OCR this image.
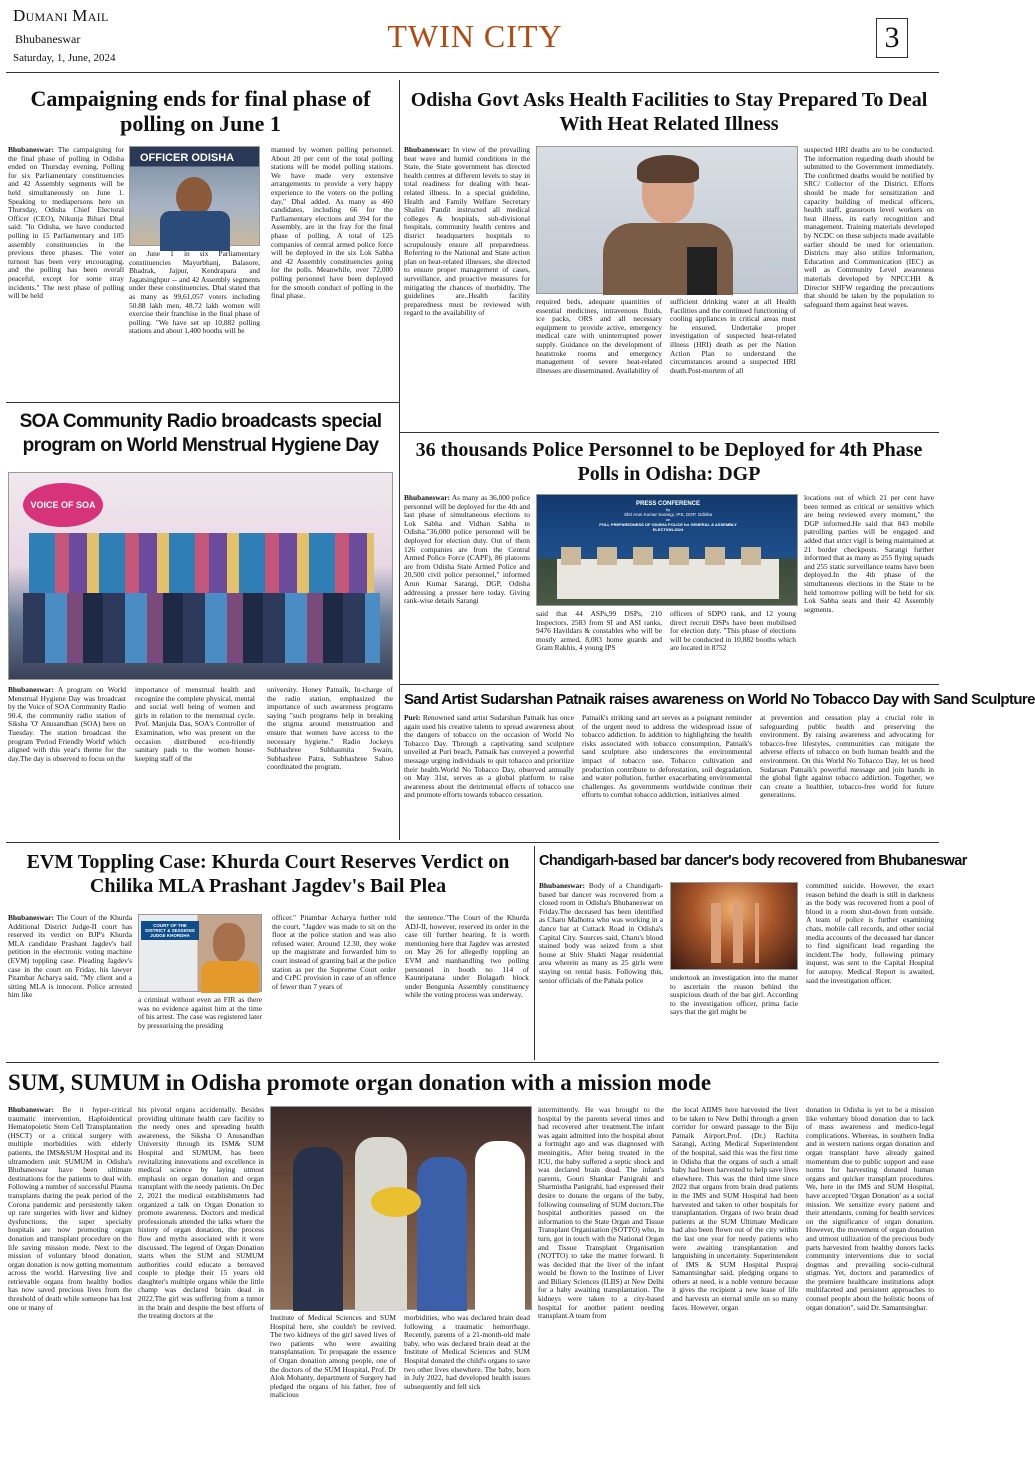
Dumani Mail
Bhubaneswar
Saturday, 1, June, 2024
TWIN CITY	3
Campaigning ends for final phase of polling on June 1
Bhubaneswar: The campaigning for the final phase of polling in Odisha ended on Thursday evening. Polling for six Parliamentary constituencies and 42 Assembly segments will be held simultaneously on June 1. Speaking to mediapersons here on Thursday, Odisha Chief Electoral Officer (CEO), Nikunja Bihari Dhal said: "In Odisha, we have conducted polling in 15 Parliamentary and 105 assembly constituencies in the previous three phases. The voter turnout has been very encouraging, and the polling has been overall peaceful, except for some stray incidents." The next phase of polling will be held
OFFICER ODISHA
on June 1 in six Parliamentary constituencies Mayurbhanj, Balasore, Bhadrak, Jajpur, Kendrapara and Jagatsinghpur -- and 42 Assembly segments under these constituencies. Dhal stated that as many as 99,61,057 voters including 50.88 lakh men, 48.72 lakh women will exercise their franchise in the final phase of polling. "We have set up 10,882 polling stations and about 1,400 booths will be
manned by women polling personnel. About 20 per cent of the total polling stations will be model polling stations. We have made very extensive arrangements to provide a very happy experience to the voters on the polling day," Dhal added. As many as 460 candidates, including 66 for the Parliamentary elections and 394 for the Assembly, are in the fray for the final phase of polling. A total of 125 companies of central armed police force will be deployed in the six Lok Sabha and 42 Assembly constituencies going for the polls. Meanwhile, over 72,000 polling personnel have been deployed for the smooth conduct of polling in the final phase.
Odisha Govt Asks Health Facilities to Stay Prepared To Deal With Heat Related Illness
Bhubaneswar: In view of the prevailing heat wave and humid conditions in the State, the State government has directed health centres at different levels to stay in total readiness for dealing with heat-related illness. In a special guideline, Health and Family Welfare Secretary Shalini Pandit instructed all medical colleges & hospitals, sub-divisional hospitals, community health centres and district headquarters hospitals to scrupulously ensure all preparedness. Referring to the National and State action plan on heat-related illnesses, she directed to ensure proper management of cases, surveillance, and proactive measures for mitigating the chances of morbidity. The guidelines are..Health facility preparedness must be reviewed with regard to the availability of
required beds, adequate quantities of essential medicines, intravenous fluids, ice packs, ORS and all necessary equipment to provide active, emergency medical care with uninterrupted power supply. Guidance on the development of heatstroke rooms and emergency management of severe heat-related illnesses are disseminated. Availability of
sufficient drinking water at all Health Facilities and the continued functioning of cooling appliances in critical areas must be ensured. Undertake proper investigation of suspected heat-related illness (HRI) death as per the Nation Action Plan to understand the circumstances around a suspected HRI death.Post-mortem of all
suspected HRI deaths are to be conducted. The information regarding death should be submitted to the Government immediately. The confirmed deaths would be notified by SRC/ Collector of the District. Efforts should be made for sensitization and capacity building of medical officers, health staff, grassroots level workers on heat illness, its early recognition and management. Training materials developed by NCDC on these subjects made available earlier should be used for orientation. Districts may also utilize Information, Education and Communication (IEC) as well as Community Level awareness materials developed by NPCCHH & Director SHFW regarding the precautions that should be taken by the population to safeguard them against heat waves.
SOA Community Radio broadcasts special program on World Menstrual Hygiene Day
VOICE OF SOA
Bhubaneswar: A program on World Menstrual Hygiene Day was broadcast by the Voice of SOA Community Radio 90.4, the community radio station of Siksha 'O' Anusandhan (SOA) here on Tuesday. The station broadcast the program 'Period Friendly World' which aligned with this year's theme for the day.The day is observed to focus on the
importance of menstrual health and recognize the complete physical, mental and social well being of women and girls in relation to the menstrual cycle. Prof. Manjula Das, SOA's Controller of Examination, who was present on the occasion distributed eco-friendly sanitary pads to the women house-keeping staff of the
university. Honey Patnaik, In-charge of the radio station, emphasized the importance of such awareness programs saying "such programs help in breaking the stigma around menstruation and ensure that women have access to the necessary hygiene." Radio Jockeys Subhashree Subhasmita Swain, Subhashree Patra, Subhashree Sahoo coordinated the program.
36 thousands Police Personnel to be Deployed for 4th Phase Polls in Odisha: DGP
Bhubaneswar: As many as 36,000 police personnel will be deployed for the 4th and last phase of simultaneous elections to Lok Sabha and Vidhan Sabha in Odisha."36,000 police personnel will be deployed for election duty. Out of them 126 companies are from the Central Armed Police Force (CAPF), 86 platoons are from Odisha State Armed Police and 20,500 civil police personnel," informed Arun Kumar Sarangi, DGP, Odisha addressing a presser here today. Giving rank-wise details Sarangi
PRESS CONFERENCE
by
Shri Arun Kumar Sarangi, IPS, DGP, Odisha
on
POLL PREPAREDNESS OF ODISHA POLICE for GENERAL & ASSEMBLY ELECTION-2024
said that 44 ASPs,99 DSPs, 210 Inspectors, 2583 from SI and ASI ranks, 9476 Havildars & constables who will be mostly armed, 8,083 home guards and Gram Rakhis, 4 young IPS
officers of SDPO rank, and 12 young direct recruit DSPs have been mobilised for election duty. "This phase of elections will be conducted in 10,882 booths which are located in 8752
locations out of which 21 per cent have been termed as critical or sensitive which are being reviewed every moment," the DGP informed.He said that 843 mobile patrolling parties will be engaged and added that strict vigil is being maintained at 21 border checkposts. Sarangi further informed that as many as 255 flying squads and 255 static surveillance teams have been deployed.In the 4th phase of the simultaneous elections in the State to be held tomorrow polling will be held for six Lok Sabha seats and their 42 Assembly segments.
Sand Artist Sudarshan Patnaik raises awareness on World No Tobacco Day with Sand Sculpture
Puri: Renowned sand artist Sudarshan Patnaik has once again used his creative talents to spread awareness about the dangers of tobacco on the occasion of World No Tobacco Day. Through a captivating sand sculpture unveiled at Puri beach, Patnaik has conveyed a powerful message urging individuals to quit tobacco and prioritize their health.World No Tobacco Day, observed annually on May 31st, serves as a global platform to raise awareness about the detrimental effects of tobacco use and promote efforts towards tobacco cessation.
Patnaik's striking sand art serves as a poignant reminder of the urgent need to address the widespread issue of tobacco addiction. In addition to highlighting the health risks associated with tobacco consumption, Patnaik's sand sculpture also underscores the environmental impact of tobacco use. Tobacco cultivation and production contribute to deforestation, soil degradation, and water pollution, further exacerbating environmental challenges. As governments worldwide continue their efforts to combat tobacco addiction, initiatives aimed
at prevention and cessation play a crucial role in safeguarding public health and preserving the environment. By raising awareness and advocating for tobacco-free lifestyles, communities can mitigate the adverse effects of tobacco on both human health and the environment. On this World No Tobacco Day, let us heed Sudarsan Patnaik's powerful message and join hands in the global fight against tobacco addiction. Together, we can create a healthier, tobacco-free world for future generations.
EVM Toppling Case: Khurda Court Reserves Verdict on Chilika MLA Prashant Jagdev's Bail Plea
Bhubaneswar: The Court of the Khurda Additional District Judge-II court has reserved its verdict on BJP's Khurda MLA candidate Prashant Jagdev's bail petition in the electronic voting machine (EVM) toppling case. Pleading Jagdev's case in the court on Friday, his lawyer Pitambar Acharya said, "My client and a sitting MLA is innocent. Police arrested him like
COURT OF THE DISTRICT & SESSIONS JUDGE KHORDHA
a criminal without even an FIR as there was no evidence against him at the time of his arrest. The case was registered later by pressurising the presiding
officer." Pitambar Acharya further told the court, "Jagdev was made to sit on the floor at the police station and was also refused water. Around 12.30, they woke up the magistrate and forwarded him to court instead of granting bail at the police station as per the Supreme Court order and CrPC provision in case of an offence of fewer than 7 years of
the sentence."The Court of the Khurda ADJ-II, however, reserved its order in the case till further hearing. It is worth mentioning here that Jagdev was arrested on May 26 for allegedly toppling an EVM and manhandling two polling personnel in booth no 114 of Kaunripatana under Bolagarh block under Bengunia Assembly constituency while the voting process was underway.
Chandigarh-based bar dancer's body recovered from Bhubaneswar
Bhubaneswar: Body of a Chandigarh-based bar dancer was recovered from a closed room in Odisha's Bhubaneswar on Friday.The deceased has been identified as Charu Malhotra who was working in a dance bar at Cuttack Road in Odisha's Capital City. Sources said, Charu's blood stained body was seized from a shut house at Shiv Shakti Nagar residential area wherein as many as 25 girls were staying on rental basis. Following this, senior officials of the Pahala police	undertook an investigation into the matter to ascertain the reason behind the suspicious death of the bar girl. According to the investigation officer, prima facie says that the girl might be
committed suicide. However, the exact reason behind the death is still in darkness as the body was recovered from a pool of blood in a room shut-down from outside. A team of police is further examining chats, mobile call records, and other social media accounts of the deceased bar dancer to find significant lead regarding the incident.The body, following primary inquest, was sent to the Capital Hospital for autopsy. Medical Report is awaited, said the investigation officer.
SUM, SUMUM in Odisha promote organ donation with a mission mode
Bhubaneswar: Be it hyper-critical traumatic intervention, Haploidentical Hematopoietic Stem Cell Transplantation (HSCT) or a critical surgery with multiple morbidities with elderly patients, the IMS&SUM Hospital and its ultramodern unit SUMUM in Odisha's Bhubaneswar have been ultimate destinations for the patients to deal with. Following a number of successful Plasma transplants during the peak period of the Corona pandemic and persistently taken up rare surgeries with liver and kidney dysfunctions, the super specialty hospitals are now promoting organ donation and transplant procedure on the life saving mission mode. Next to the mission of voluntary blood donation, organ donation is now getting momentum across the world. Harvesting live and retrievable organs from healthy bodies has now saved precious lives from the threshold of death while someone has lost one or many of
his pivotal organs accidentally. Besides providing ultimate health care facility to the needy ones and spreading health awareness, the Siksha O Anusandhan University through its ISM& SUM Hospital and SUMUM, has been revitalizing innovations and excellence in medical science by laying utmost emphasis on organ donation and organ transplant with the needy patients. On Dec 2, 2021 the medical establishments had organized a talk on Organ Donation to promote awareness. Doctors and medical professionals attended the talks where the history of organ donation, the process flow and myths associated with it were discussed. The legend of Organ Donation starts when the SUM and SUMUM authorities could educate a bereaved couple to pledge their 15 years old daughter's multiple organs while the little champ was declared brain dead in 2022.The girl was suffering from a tumor in the brain and despite the best efforts of the treating doctors at the	Institute of Medical Sciences and SUM Hospital here, she couldn't be revived. The two kidneys of the girl saved lives of two patients who were awaiting transplantation. To propagate the essence of Organ donation among people, one of the doctors of the SUM Hospital, Prof. Dr Alok Mohanty, department of Surgery had pledged the organs of his father, free of malicious
morbidities, who was declared brain dead following a traumatic hemorrhage. Recently, parents of a 21-month-old male baby, who was declared brain dead at the Institute of Medical Sciences and SUM Hospital donated the child's organs to save two other lives elsewhere. The baby, born in July 2022, had developed health issues subsequently and fell sick
intermittently. He was brought to the hospital by the parents several times and had recovered after treatment.The infant was again admitted into the hospital about a fortnight ago and was diagnosed with meningitis,. After being treated in the ICU, the baby suffered a septic shock and was declared brain dead. The infant's parents, Gouri Shankar Panigrahi and Sharmistha Panigrahi, had expressed their desire to donate the organs of the baby, following counseling of SUM doctors.The hospital authorities passed on the information to the State Organ and Tissue Transplant Organisation (SOTTO) who, in turn, got in touch with the National Organ and Tissue Transplant Organisation (NOTTO) to take the matter forward. It was decided that the liver of the infant would be flown to the Institute of Liver and Biliary Sciences (ILBS) at New Delhi for a baby awaiting transplantation. The kidneys were taken to a city-based hospital for another patient needing transplant.A team from
the local AIIMS here harvested the liver to be taken to New Delhi through a green corridor for onward passage to the Biju Patnaik Airport.Prof. (Dr.) Rachita Sarangi, Acting Medical Superintendent of the hospital, said this was the first time in Odisha that the organs of such a small baby had been harvested to help save lives elsewhere. This was the third time since 2022 that organs from brain dead patients in the IMS and SUM Hospital had been harvested and taken to other hospitals for transplantation. Organs of two brain dead patients at the SUM Ultimate Medicare had also been flown out of the city within the last one year for needy patients who were awaiting transplantation and languishing in uncertainty. Superintendent of IMS & SUM Hospital Puspraj Samantsinghar said, pledging organs to others at need, is a noble venture because it gives the recipient a new lease of life and harvests an eternal smile on so many faces. However, organ
donation in Odisha is yet to be a mission like voluntary blood donation due to lack of mass awareness and medico-legal complications. Whereas, in southern India and in western nations organ donation and organ transplant have already gained momentum due to public support and ease norms for harvesting donated human organs and quicker transplant procedures. We, here in the IMS and SUM Hospital, have accepted 'Organ Donation' as a social mission. We sensitize every patient and their attendants, coming for health services on the significance of organ donation. However, the movement of organ donation and utmost utilization of the precious body parts harvested from healthy donors lacks community interventions due to social dogmas and prevailing socio-cultural stigmas. Yet, doctors and paramedics of the premiere healthcare institutions adopt multifaceted and persistent approaches to counsel people about the holistic boons of organ donation", said Dr. Samantsinghar.
